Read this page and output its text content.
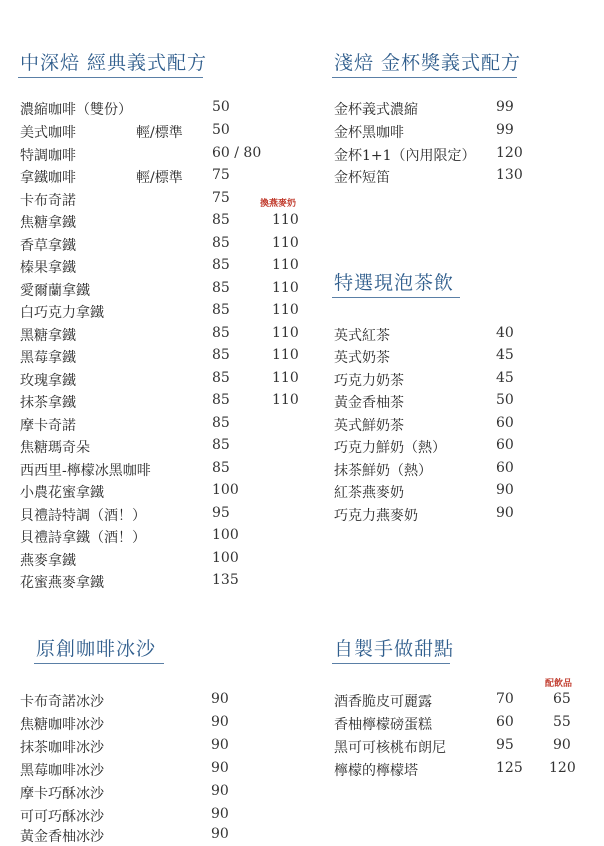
中深焙 經典義式配方	淺焙 金杯獎義式配方
特選現泡茶飲
原創咖啡冰沙	自製手做甜點
換燕麥奶
配飲品
濃縮咖啡（雙份）	50
美式咖啡	輕/標準 50
特調咖啡	60 / 80
拿鐵咖啡	輕/標準 75
卡布奇諾	75
焦糖拿鐵	85	110
香草拿鐵	85	110
榛果拿鐵	85	110
愛爾蘭拿鐵	85	110
白巧克力拿鐵	85	110
黑糖拿鐵	85	110
黑莓拿鐵	85	110
玫瑰拿鐵	85	110
抹茶拿鐵	85	110
摩卡奇諾	85
焦糖瑪奇朵	85
西西里-檸檬冰黑咖啡	85
小農花蜜拿鐵	100
貝禮詩特調（酒！）	95
貝禮詩拿鐵（酒！）	100
燕麥拿鐵	100
花蜜燕麥拿鐵	135
金杯義式濃縮	99
金杯黑咖啡	99
金杯1+1（內用限定） 120
金杯短笛	130
英式紅茶	40
英式奶茶	45
巧克力奶茶	45
黃金香柚茶	50
英式鮮奶茶	60
巧克力鮮奶（熱）	60
抹茶鮮奶（熱）	60
紅茶燕麥奶	90
巧克力燕麥奶	90
卡布奇諾冰沙	90
焦糖咖啡冰沙	90
抹茶咖啡冰沙	90
黑莓咖啡冰沙	90
摩卡巧酥冰沙	90
可可巧酥冰沙	90
黃金香柚冰沙	90
酒香脆皮可麗露	70	65
香柚檸檬磅蛋糕	60	55
黑可可核桃布朗尼	95	90
檸檬的檸檬塔	125 120
